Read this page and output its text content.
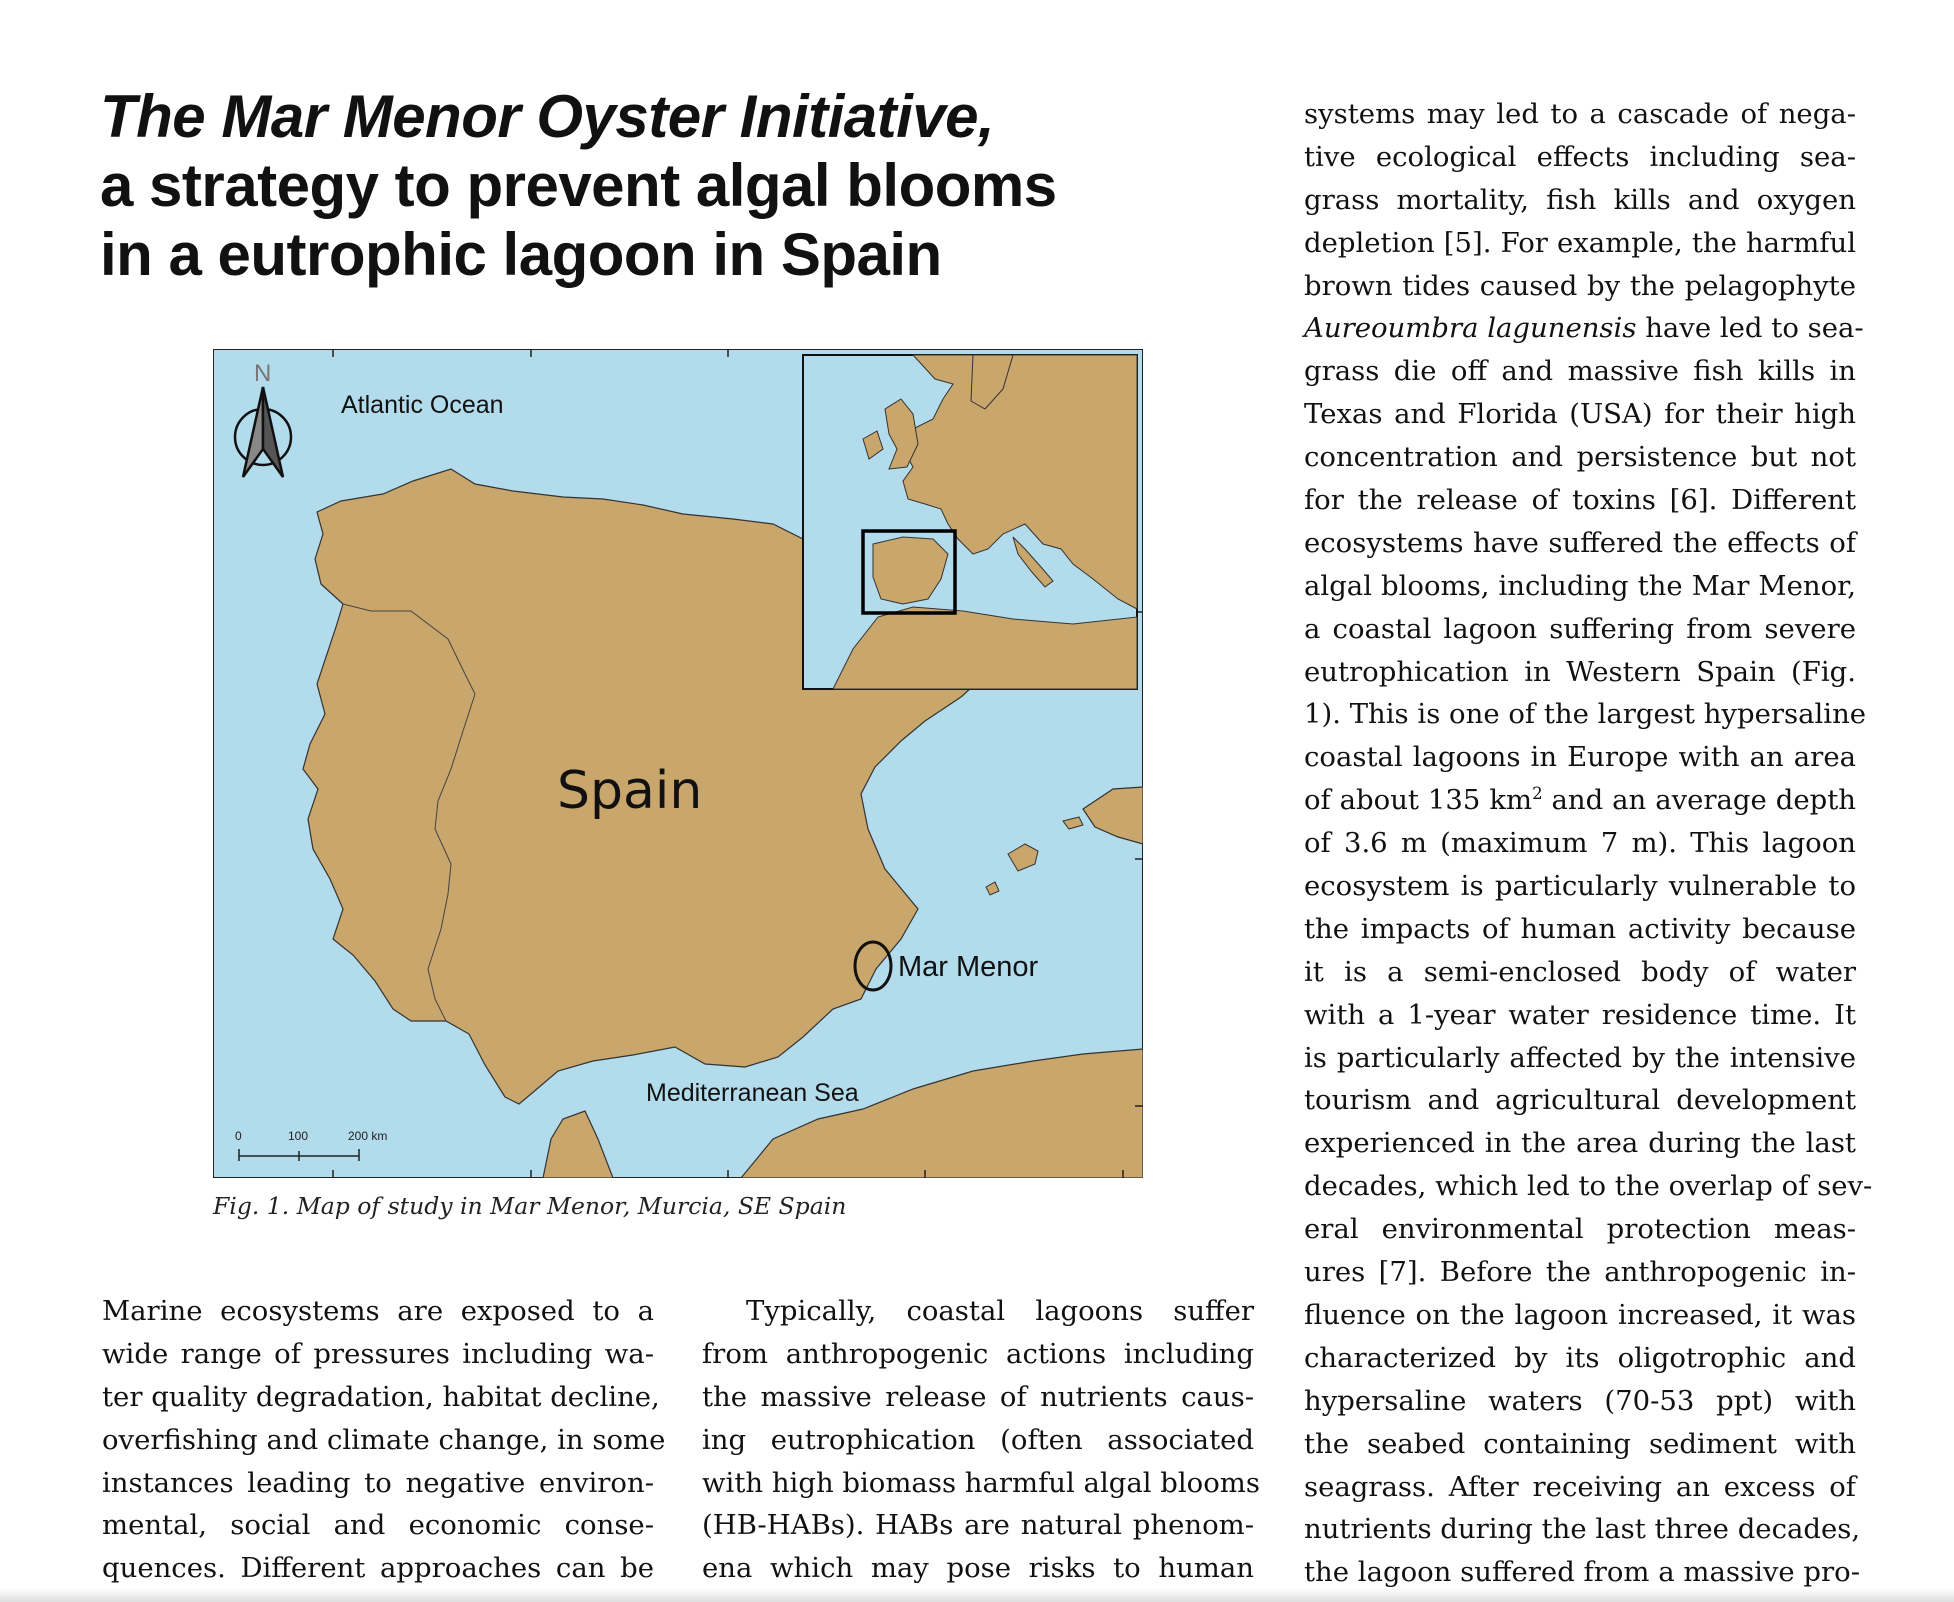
The Mar Menor Oyster Initiative,
a strategy to prevent algal blooms
in a eutrophic lagoon in Spain
N
Atlantic Ocean
Spain
Mar Menor
Mediterranean Sea
0	100	200 km

Fig. 1. Map of study in Mar Menor, Murcia, SE Spain

Marine ecosystems are exposed to a
wide range of pressures including wa-
ter quality degradation, habitat decline,
overfishing and climate change, in some
instances leading to negative environ-
mental, social and economic conse-
quences. Different approaches can be
Typically, coastal lagoons suffer
from anthropogenic actions including
the massive release of nutrients caus-
ing eutrophication (often associated
with high biomass harmful algal blooms
(HB-HABs). HABs are natural phenom-
ena which may pose risks to human
systems may led to a cascade of nega-
tive ecological effects including sea-
grass mortality, fish kills and oxygen
depletion [5]. For example, the harmful
brown tides caused by the pelagophyte
Aureoumbra lagunensis have led to sea-
grass die off and massive fish kills in
Texas and Florida (USA) for their high
concentration and persistence but not
for the release of toxins [6]. Different
ecosystems have suffered the effects of
algal blooms, including the Mar Menor,
a coastal lagoon suffering from severe
eutrophication in Western Spain (Fig.
1). This is one of the largest hypersaline
coastal lagoons in Europe with an area
of about 135 $km^2$ and an average depth
of 3.6 m (maximum 7 m). This lagoon
ecosystem is particularly vulnerable to
the impacts of human activity because
it is a semi-enclosed body of water
with a 1-year water residence time. It
is particularly affected by the intensive
tourism and agricultural development
experienced in the area during the last
decades, which led to the overlap of sev-
eral environmental protection meas-
ures [7]. Before the anthropogenic in-
fluence on the lagoon increased, it was
characterized by its oligotrophic and
hypersaline waters (70-53 ppt) with
the seabed containing sediment with
seagrass. After receiving an excess of
nutrients during the last three decades,
the lagoon suffered from a massive pro-
